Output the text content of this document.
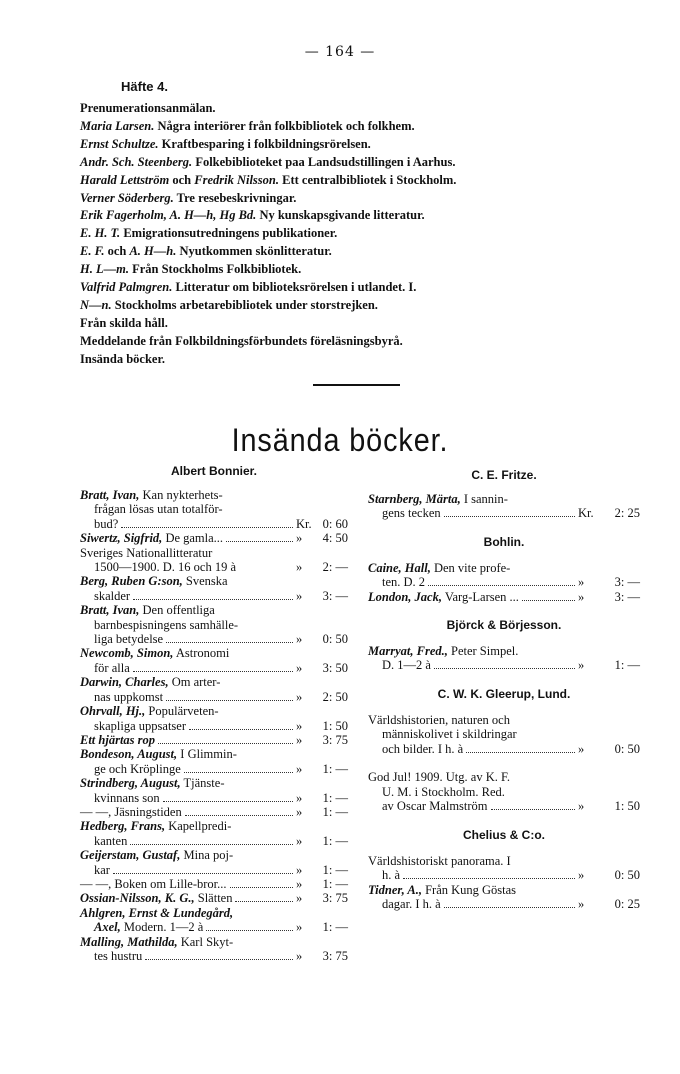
— 164 —
Häfte 4.
Prenumerationsanmälan.
Maria Larsen. Några interiörer från folkbibliotek och folkhem.
Ernst Schultze. Kraftbesparing i folkbildningsrörelsen.
Andr. Sch. Steenberg. Folkebiblioteket paa Landsudstillingen i Aarhus.
Harald Lettström och Fredrik Nilsson. Ett centralbibliotek i Stockholm.
Verner Söderberg. Tre resebeskrivningar.
Erik Fagerholm, A. H—h, Hg Bd. Ny kunskapsgivande litteratur.
E. H. T. Emigrationsutredningens publikationer.
E. F. och A. H—h. Nyutkommen skönlitteratur.
H. L—m. Från Stockholms Folkbibliotek.
Valfrid Palmgren. Litteratur om biblioteksrörelsen i utlandet. I.
N—n. Stockholms arbetarebibliotek under storstrejken.
Från skilda håll.
Meddelande från Folkbildningsförbundets föreläsningsbyrå.
Insända böcker.
Insända böcker.
Albert Bonnier.
Bratt, Ivan, Kan nykterhets-
frågan lösas utan totalför-
bud?	Kr. 0: 60
Siwertz, Sigfrid, De gamla...	»	4: 50
Sveriges Nationallitteratur
1500—1900. D. 16 och 19 à	»	2: —
Berg, Ruben G:son, Svenska
skalder	»	3: —
Bratt, Ivan, Den offentliga
barnbespisningens samhälle-
liga betydelse	»	0: 50
Newcomb, Simon, Astronomi
för alla	»	3: 50
Darwin, Charles, Om arter-
nas uppkomst	»	2: 50
Ohrvall, Hj., Populärveten-
skapliga uppsatser	»	1: 50
Ett hjärtas rop	»	3: 75
Bondeson, August, I Glimmin-
ge och Kröplinge	»	1: —
Strindberg, August, Tjänste-
kvinnans son	»	1: —
— —, Jäsningstiden	»	1: —
Hedberg, Frans, Kapellpredi-
kanten	»	1: —
Geijerstam, Gustaf, Mina poj-
kar	»	1: —
— —, Boken om Lille-bror...	»	1: —
Ossian-Nilsson, K. G., Slätten	»	3: 75
Ahlgren, Ernst & Lundegård,
Axel, Modern. 1—2 à	»	1: —
Malling, Mathilda, Karl Skyt-
tes hustru	»	3: 75
C. E. Fritze.
Starnberg, Märta, I sannin-
gens tecken	Kr.	2: 25
Bohlin.
Caine, Hall, Den vite profe-
ten. D. 2	»	3: —
London, Jack, Varg-Larsen ...	»	3: —
Björck & Börjesson.
Marryat, Fred., Peter Simpel.
D. 1—2 à	»	1: —
C. W. K. Gleerup, Lund.
Världshistorien, naturen och
människolivet i skildringar
och bilder. I h. à	»	0: 50

God Jul! 1909. Utg. av K. F.
U. M. i Stockholm. Red.
av Oscar Malmström	»	1: 50
Chelius & C:o.
Världshistoriskt panorama. I
h. à	»	0: 50
Tidner, A., Från Kung Göstas
dagar. I h. à	»	0: 25
